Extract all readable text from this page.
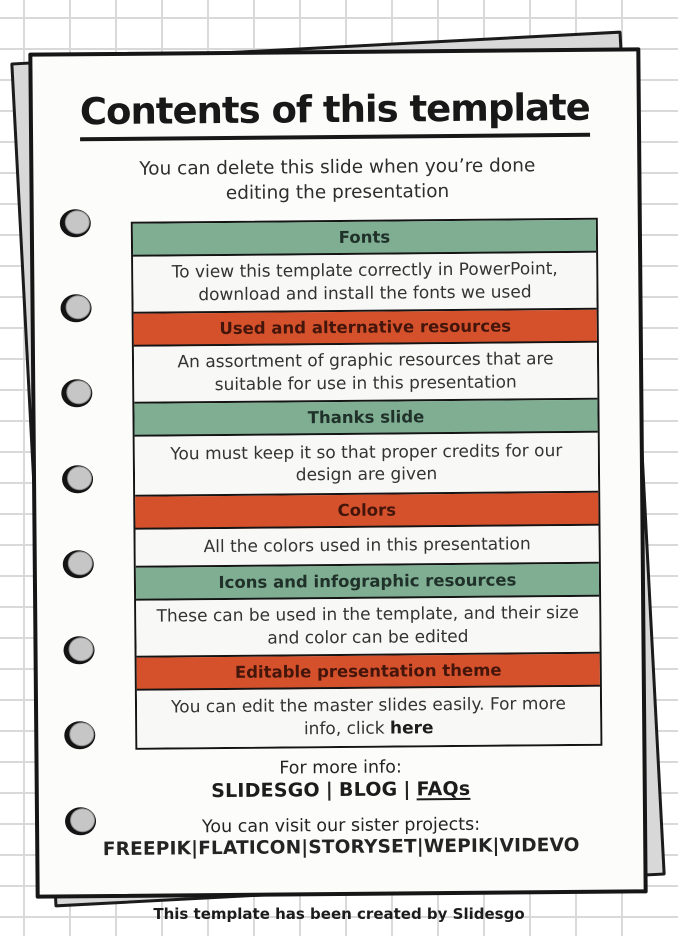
Contents of this template
You can delete this slide when you’re done editing the presentation
Fonts
To view this template correctly in PowerPoint, download and install the fonts we used
Used and alternative resources
An assortment of graphic resources that are suitable for use in this presentation
Thanks slide
You must keep it so that proper credits for our design are given
Colors
All the colors used in this presentation
Icons and infographic resources
These can be used in the template, and their size and color can be edited
Editable presentation theme
You can edit the master slides easily. For more info, click here
For more info:
SLIDESGO | BLOG | FAQs
You can visit our sister projects:
FREEPIK|FLATICON|STORYSET|WEPIK|VIDEVO
This template has been created by Slidesgo
